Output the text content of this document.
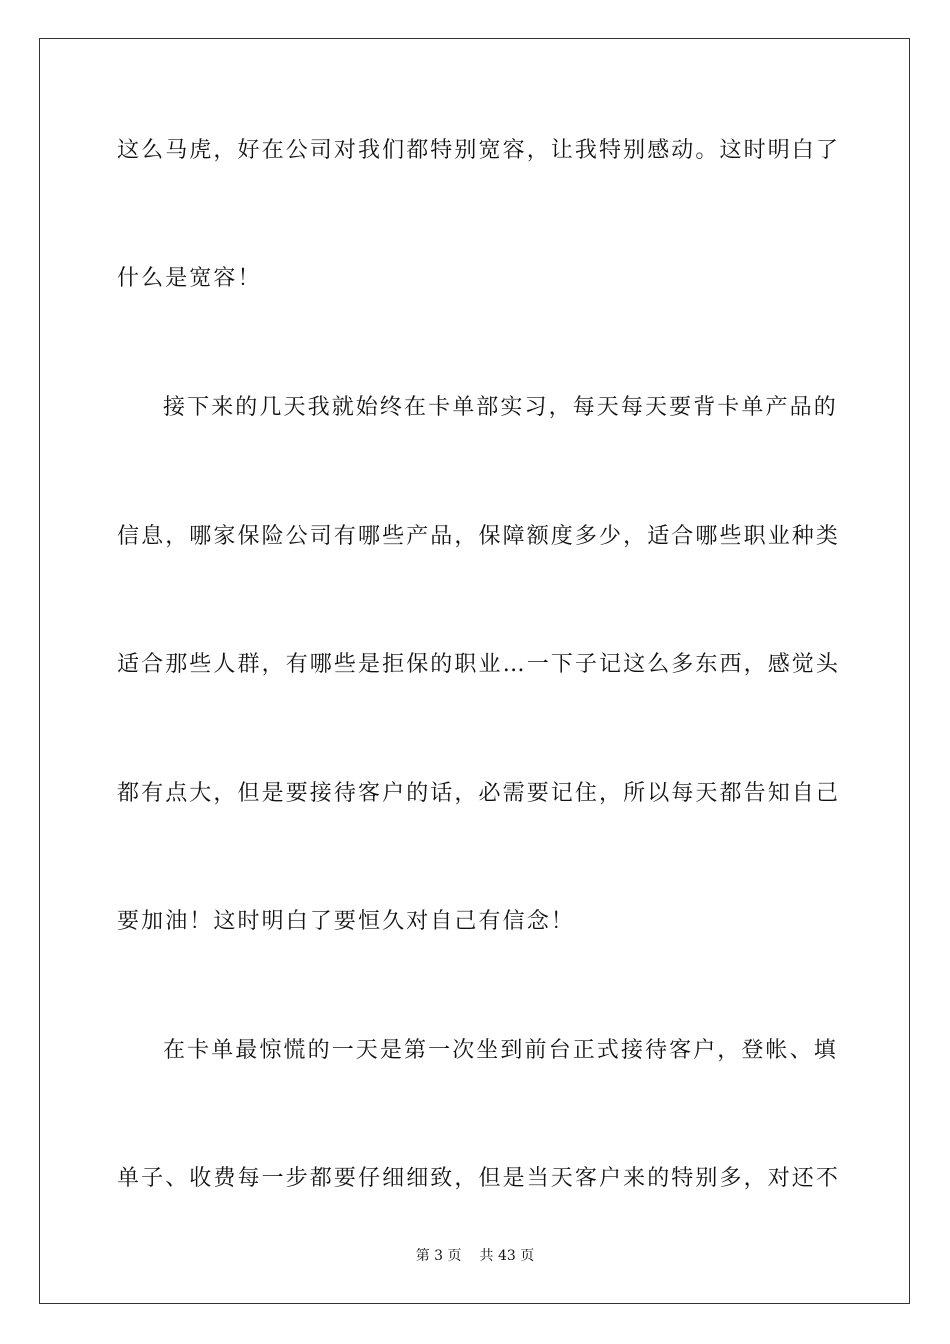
这么马虎，好在公司对我们都特别宽容，让我特别感动。这时明白了
什么是宽容！
接下来的几天我就始终在卡单部实习，每天每天要背卡单产品的
信息，哪家保险公司有哪些产品，保障额度多少，适合哪些职业种类
适合那些人群，有哪些是拒保的职业…一下子记这么多东西，感觉头
都有点大，但是要接待客户的话，必需要记住，所以每天都告知自己
要加油！这时明白了要恒久对自己有信念！
在卡单最惊慌的一天是第一次坐到前台正式接待客户，登帐、填
单子、收费每一步都要仔细细致，但是当天客户来的特别多，对还不
第 3 页 共 43 页
